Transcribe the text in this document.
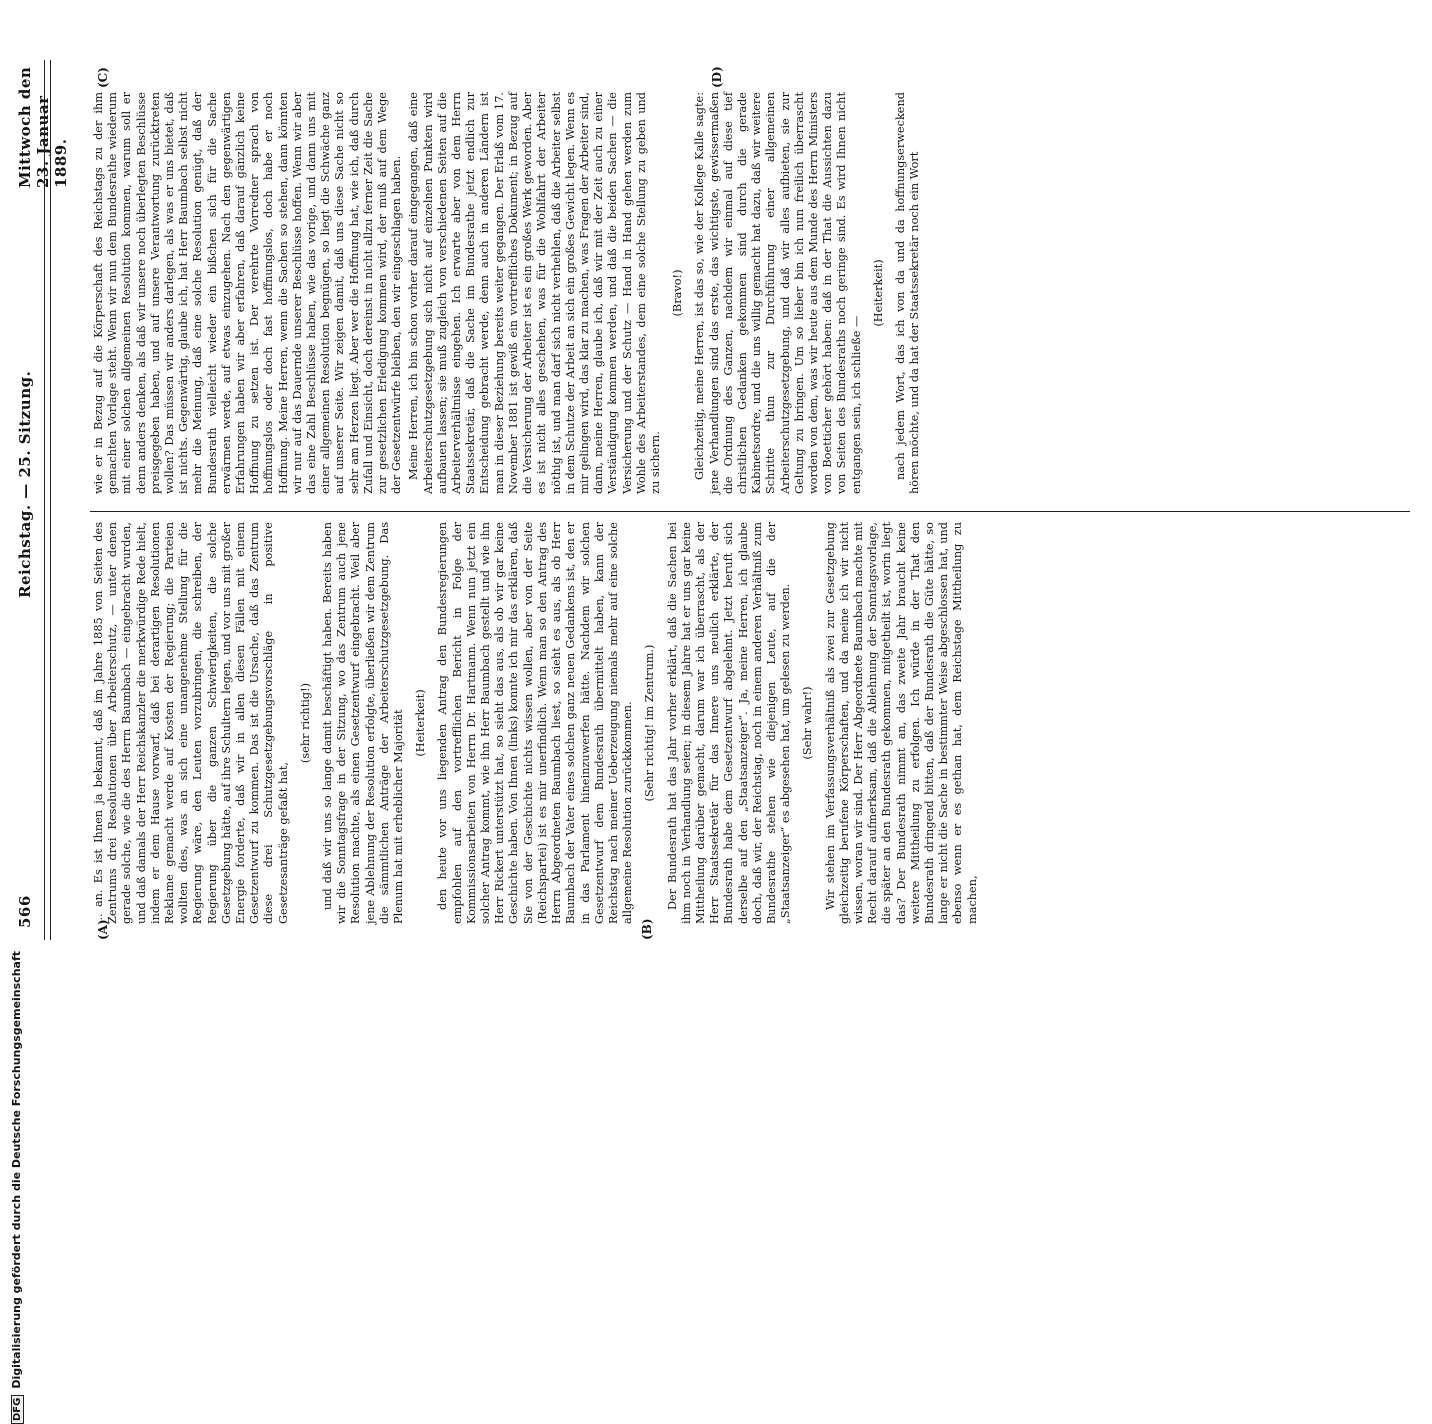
566
Reichstag. — 25. Sitzung.
Mittwoch den 23. Januar 1889.
(A)	(B)
(C)	(D)

... an. Es ist Ihnen ja bekannt, daß im Jahre 1885 von Seiten des Zentrums drei Resolutionen über Arbeiterschutz, — unter denen gerade solche, wie die des Herrn Baumbach — eingebracht wurden, und daß damals der Herr Reichskanzler die merkwürdige Rede hielt, indem er dem Hause vorwarf, daß bei derartigen Resolutionen Reklame gemacht werde auf Kosten der Regierung; die Parteien wollten dies, was an sich eine unangenehme Stellung für die Regierung wäre, den Leuten vorzubringen, die schreiben, der Regierung über die ganzen Schwierigkeiten, die solche Gesetzgebung hätte, auf ihre Schultern legen, und vor uns mit großer Energie forderte, daß wir in allen diesen Fällen mit einem Gesetzentwurf zu kommen. Das ist die Ursache, daß das Zentrum diese drei Schutzgesetzgebungsvorschläge in positive Gesetzesanträge gefaßt hat,

(sehr richtig!) und daß wir uns so lange damit beschäftigt haben. Bereits haben wir die Sonntagsfrage in der Sitzung, wo das Zentrum auch jene Resolution machte, als einen Gesetzentwurf eingebracht. Weil aber jene Ablehnung der Resolution erfolgte, überließen wir dem Zentrum die sämmtlichen Anträge der Arbeiterschutzgesetzgebung. Das Plenum hat mit erheblicher Majorität (Heiterkeit) den heute vor uns liegenden Antrag den Bundesregierungen empfohlen auf den vortrefflichen Bericht in Folge der Kommissionsarbeiten von Herrn Dr. Hartmann. Wenn nun jetzt ein solcher Antrag kommt, wie ihn Herr Baumbach gestellt und wie ihn Herr Rickert unterstützt hat, so sieht das aus, als ob wir gar keine Geschichte haben. Von Ihnen (links) konnte ich mir das erklären, daß Sie von der Geschichte nichts wissen wollen, aber von der Seite (Reichspartei) ist es mir unerfindlich. Wenn man so den Antrag des Herrn Abgeordneten Baumbach liest, so sieht es aus, als ob Herr Baumbach der Vater eines solchen ganz neuen Gedankens ist, den er in das Parlament hineinzuwerfen hätte. Nachdem wir solchen Gesetzentwurf dem Bundesrath übermittelt haben, kann der Reichstag nach meiner Ueberzeugung niemals mehr auf eine solche allgemeine Resolution zurückkommen. (Sehr richtig! im Zentrum.) Der Bundesrath hat das Jahr vorher erklärt, daß die Sachen bei ihm noch in Verhandlung seien; in diesem Jahre hat er uns gar keine Mittheilung darüber gemacht, darum war ich überrascht, als der Herr Staatssekretär für das Innere uns neulich erklärte, der Bundesrath habe dem Gesetzentwurf abgelehnt. Jetzt beruft sich derselbe auf den „Staatsanzeiger“. Ja, meine Herren, ich glaube doch, daß wir, der Reichstag, noch in einem anderen Verhältniß zum Bundesrathe stehen wie diejenigen Leute, auf die der „Staatsanzeiger“ es abgesehen hat, um gelesen zu werden. (Sehr wahr!) Wir stehen im Verfassungsverhältniß als zwei zur Gesetzgebung gleichzeitig berufene Körperschaften, und da meine ich wir nicht wissen, woran wir sind. Der Herr Abgeordnete Baumbach machte mit Recht darauf aufmerksam, daß die Ablehnung der Sonntagsvorlage, die später an den Bundesrath gekommen, mitgetheilt ist, worin liegt das? Der Bundesrath nimmt an, das zweite Jahr braucht keine weitere Mittheilung zu erfolgen. Ich würde in der That den Bundesrath dringend bitten, daß der Bundesrath die Güte hätte, so lange er nicht die Sache in bestimmter Weise abgeschlossen hat, und ebenso wenn er es gethan hat, dem Reichstage Mittheilung zu machen,

wie er in Bezug auf die Körperschaft des Reichstags zu der ihm gemachten Vorlage steht. Wenn wir nun dem Bundesrathe wiederum mit einer solchen allgemeinen Resolution kommen, warum soll er denn anders denken, als daß wir unsere noch überlegten Beschlüsse preisgegeben haben, und auf unsere Verantwortung zurücktreten wollen? Das müssen wir anders darlegen, als was er uns bietet, daß ist nichts. Gegenwärtig, glaube ich, hat Herr Baumbach selbst nicht mehr die Meinung, daß eine solche Resolution genügt, daß der Bundesrath vielleicht wieder ein bißchen sich für die Sache erwärmen werde, auf etwas einzugehen. Nach den gegenwärtigen Erfahrungen haben wir aber erfahren, daß darauf gänzlich keine Hoffnung zu setzen ist. Der verehrte Vorredner sprach von hoffnungslos oder doch fast hoffnungslos, doch habe er noch Hoffnung. Meine Herren, wenn die Sachen so stehen, dann könnten wir nur auf das Dauernde unserer Beschlüsse hoffen. Wenn wir aber das eine Zahl Beschlüsse haben, wie das vorige, und dann uns mit einer allgemeinen Resolution begnügen, so liegt die Schwäche ganz auf unserer Seite. Wir zeigen damit, daß uns diese Sache nicht so sehr am Herzen liegt. Aber wer die Hoffnung hat, wie ich, daß durch Zufall und Einsicht, doch dereinst in nicht allzu ferner Zeit die Sache zur gesetzlichen Erledigung kommen wird, der muß auf dem Wege der Gesetzentwürfe bleiben, den wir eingeschlagen haben. Meine Herren, ich bin schon vorher darauf eingegangen, daß eine Arbeiterschutzgesetzgebung sich nicht auf einzelnen Punkten wird aufbauen lassen; sie muß zugleich von verschiedenen Seiten auf die Arbeiterverhältnisse eingehen. Ich erwarte aber von dem Herrn Staatssekretär, daß die Sache im Bundesrathe jetzt endlich zur Entscheidung gebracht werde, denn auch in anderen Ländern ist man in dieser Beziehung bereits weiter gegangen. Der Erlaß vom 17. November 1881 ist gewiß ein vortreffliches Dokument; in Bezug auf die Versicherung der Arbeiter ist es ein großes Werk geworden. Aber es ist nicht alles geschehen, was für die Wohlfahrt der Arbeiter nöthig ist, und man darf sich nicht verhehlen, daß die Arbeiter selbst in dem Schutze der Arbeit an sich ein großes Gewicht legen. Wenn es mir gelingen wird, das klar zu machen, was Fragen der Arbeiter sind, dann, meine Herren, glaube ich, daß wir mit der Zeit auch zu einer Verständigung kommen werden, und daß die beiden Sachen — die Versicherung und der Schutz — Hand in Hand gehen werden zum Wohle des Arbeiterstandes, dem eine solche Stellung zu geben und zu sichern.

(Bravo!) Gleichzeitig, meine Herren, ist das so, wie der Kollege Kalle sagte: jene Verhandlungen sind das erste, das wichtigste, gewissermaßen die Ordnung des Ganzen, nachdem wir einmal auf diese tief christlichen Gedanken gekommen sind durch die gerade Kabinetsordre, und die uns willig gemacht hat dazu, daß wir weitere Schritte thun zur Durchführung einer allgemeinen Arbeiterschutzgesetzgebung, und daß wir alles aufbieten, sie zur Geltung zu bringen. Um so lieber bin ich nun freilich überrascht worden von dem, was wir heute aus dem Munde des Herrn Ministers von Boetticher gehört haben: daß in der That die Aussichten dazu von Seiten des Bundesraths noch geringe sind. Es wird Ihnen nicht entgangen sein, ich schließe —

(Heiterkeit) nach jedem Wort, das ich von da und da hoffnungserweckend hören möchte, und da hat der Staatssekretär noch ein Wort

DFGDigitalisierung gefördert durch die Deutsche Forschungsgemeinschaft
